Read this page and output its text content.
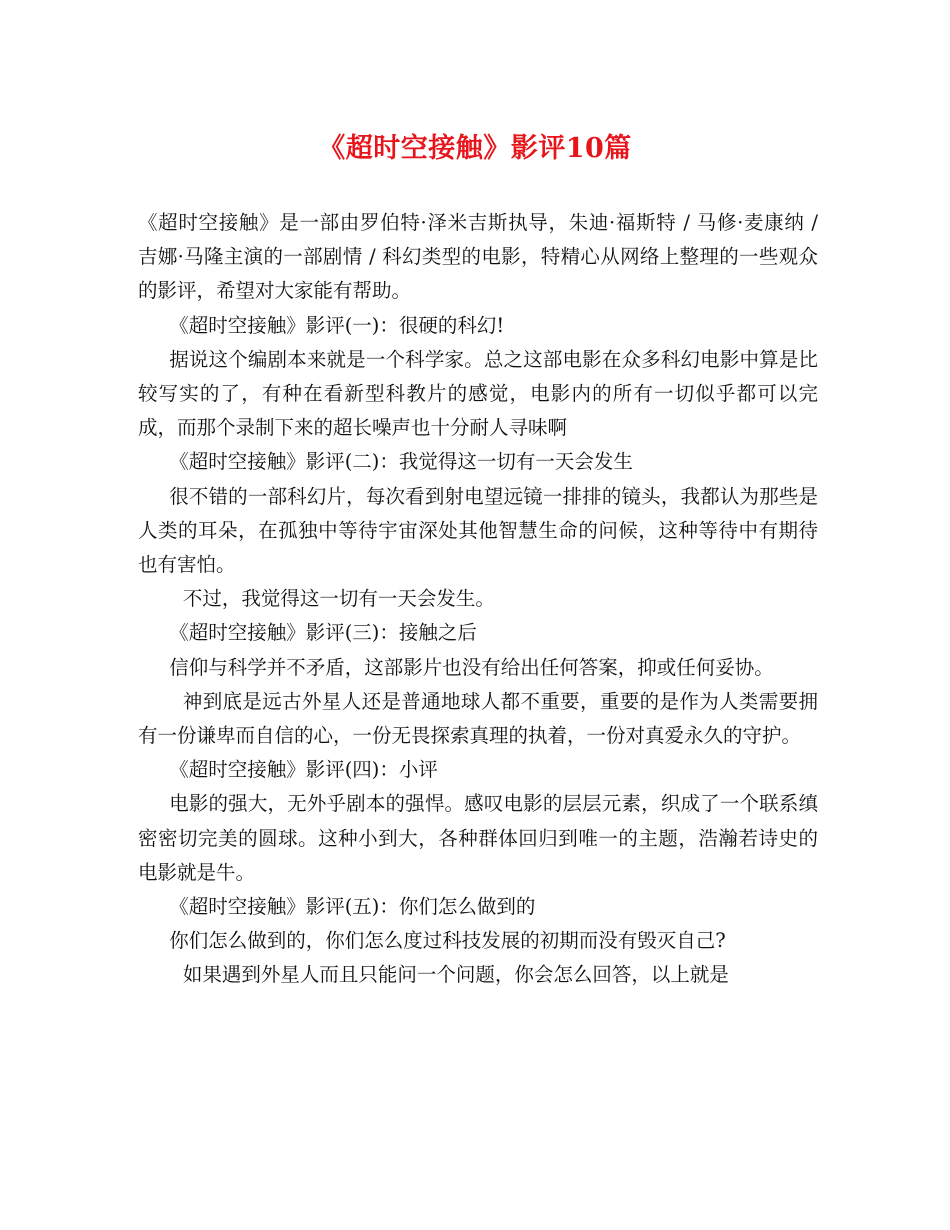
《超时空接触》影评10篇

《超时空接触》是一部由罗伯特·泽米吉斯执导，朱迪·福斯特 / 马修·麦康纳 / 吉娜·马隆主演的一部剧情 / 科幻类型的电影，特精心从网络上整理的一些观众的影评，希望对大家能有帮助。

《超时空接触》影评(一)：很硬的科幻!

据说这个编剧本来就是一个科学家。总之这部电影在众多科幻电影中算是比较写实的了，有种在看新型科教片的感觉，电影内的所有一切似乎都可以完成，而那个录制下来的超长噪声也十分耐人寻味啊

《超时空接触》影评(二)：我觉得这一切有一天会发生

很不错的一部科幻片，每次看到射电望远镜一排排的镜头，我都认为那些是人类的耳朵，在孤独中等待宇宙深处其他智慧生命的问候，这种等待中有期待也有害怕。

不过，我觉得这一切有一天会发生。

《超时空接触》影评(三)：接触之后

信仰与科学并不矛盾，这部影片也没有给出任何答案，抑或任何妥协。

神到底是远古外星人还是普通地球人都不重要，重要的是作为人类需要拥有一份谦卑而自信的心，一份无畏探索真理的执着，一份对真爱永久的守护。

《超时空接触》影评(四)：小评

电影的强大，无外乎剧本的强悍。感叹电影的层层元素，织成了一个联系缜密密切完美的圆球。这种小到大，各种群体回归到唯一的主题，浩瀚若诗史的电影就是牛。

《超时空接触》影评(五)：你们怎么做到的

你们怎么做到的，你们怎么度过科技发展的初期而没有毁灭自己?

如果遇到外星人而且只能问一个问题，你会怎么回答，以上就是
